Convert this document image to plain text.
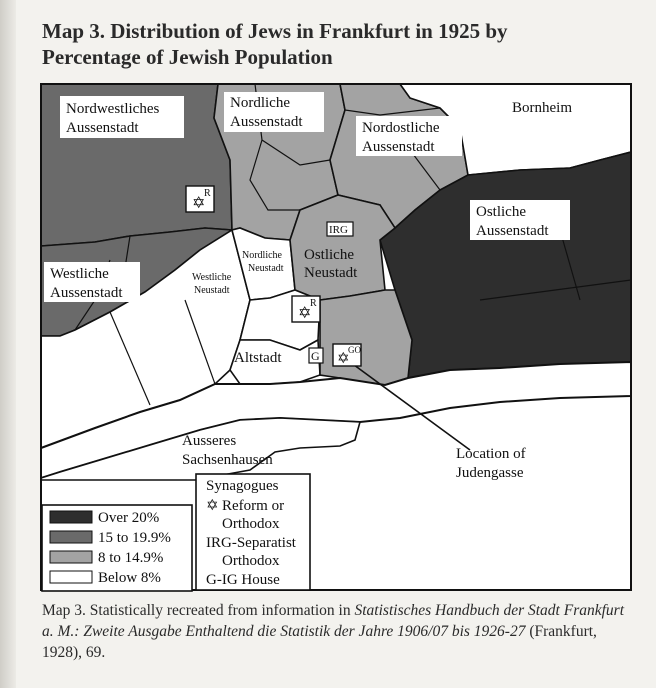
Map 3. Distribution of Jews in Frankfurt in 1925 by
Percentage of Jewish Population
Nordwestliches
Aussenstadt
Nordliche
Aussenstadt	Nordostliche
Aussenstadt
Bornheim
Ostliche
Aussenstadt
Westliche
Aussenstadt
Ostliche
Neustadt
Altstadt
Ausseres
Sachsenhausen	Location of
Judengasse
Nordliche
Neustadt
Westliche
Neustadt
✡
R
✡
R
IRG
G ✡
GO
Over 20%
15 to 19.9%
8 to 14.9%
Below 8%
Synagogues
✡ Reform or
Orthodox
IRG-Separatist
Orthodox
G-IG House
Map 3. Statistically recreated from information in Statistisches Handbuch der Stadt Frankfurt a. M.: Zweite Ausgabe Enthaltend die Statistik der Jahre 1906/07 bis 1926-27 (Frankfurt, 1928), 69.
